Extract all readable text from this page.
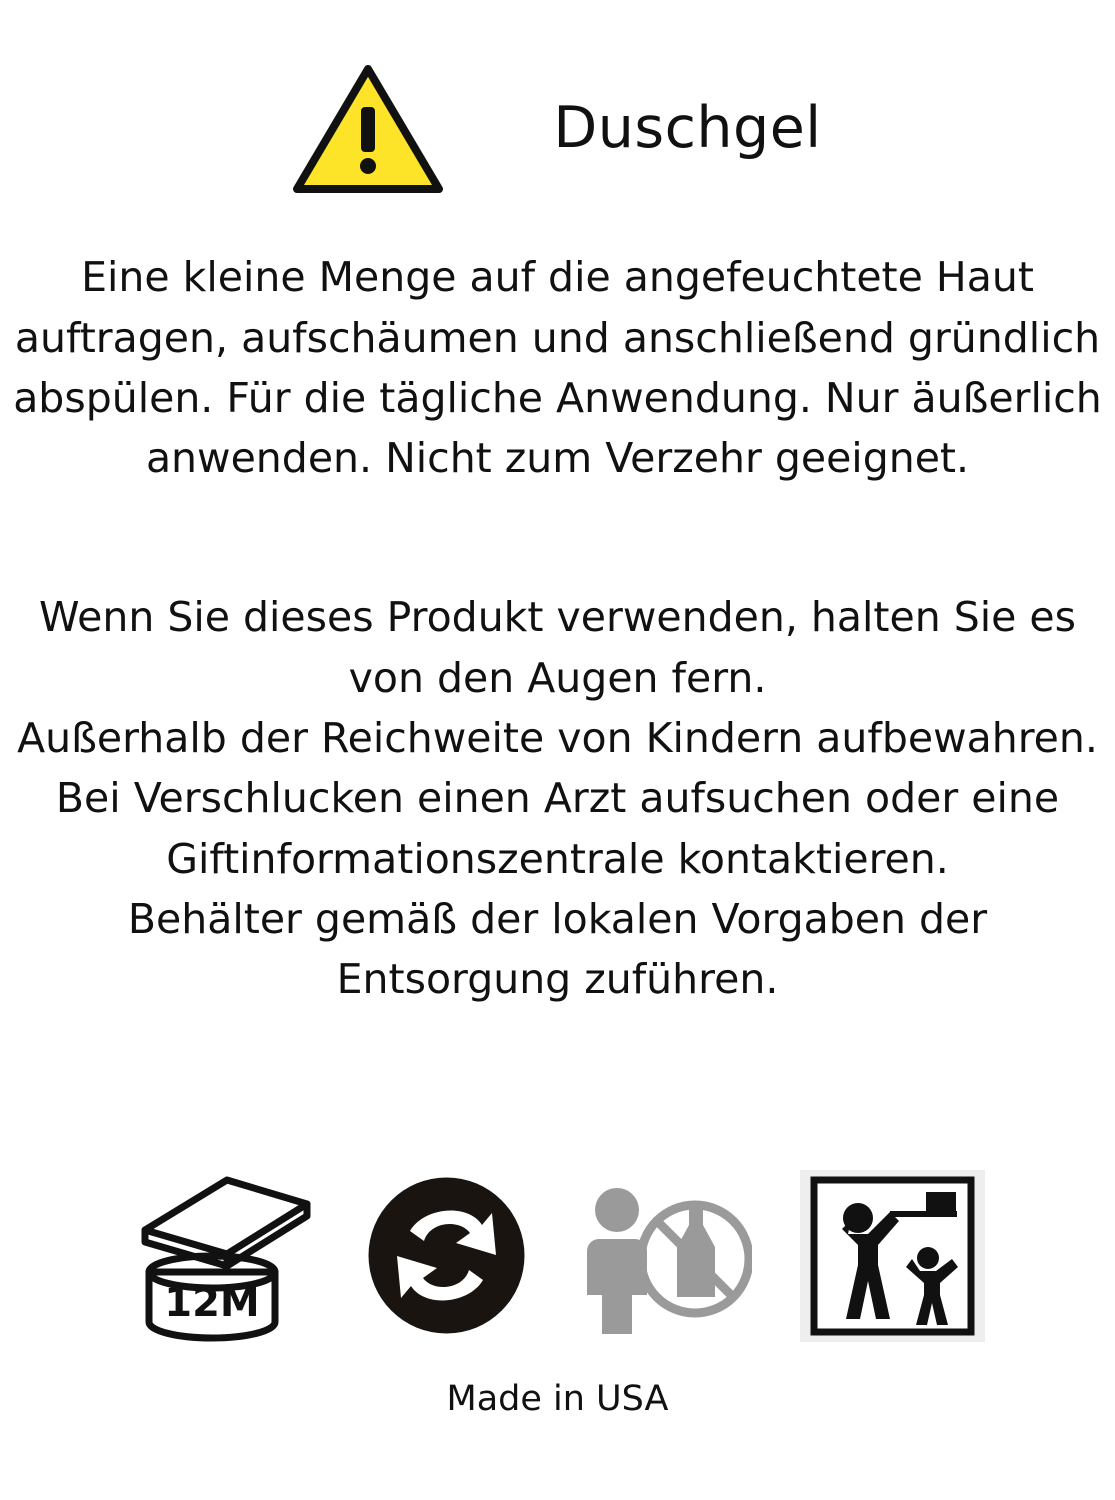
Duschgel

Eine kleine Menge auf die angefeuchtete Haut auftragen, aufschäumen und anschließend gründlich abspülen. Für die tägliche Anwendung. Nur äußerlich anwenden. Nicht zum Verzehr geeignet.

Wenn Sie dieses Produkt verwenden, halten Sie es von den Augen fern.
Außerhalb der Reichweite von Kindern aufbewahren. Bei Verschlucken einen Arzt aufsuchen oder eine Giftinformationszentrale kontaktieren.
Behälter gemäß der lokalen Vorgaben der Entsorgung zuführen.
12M
Made in USA
